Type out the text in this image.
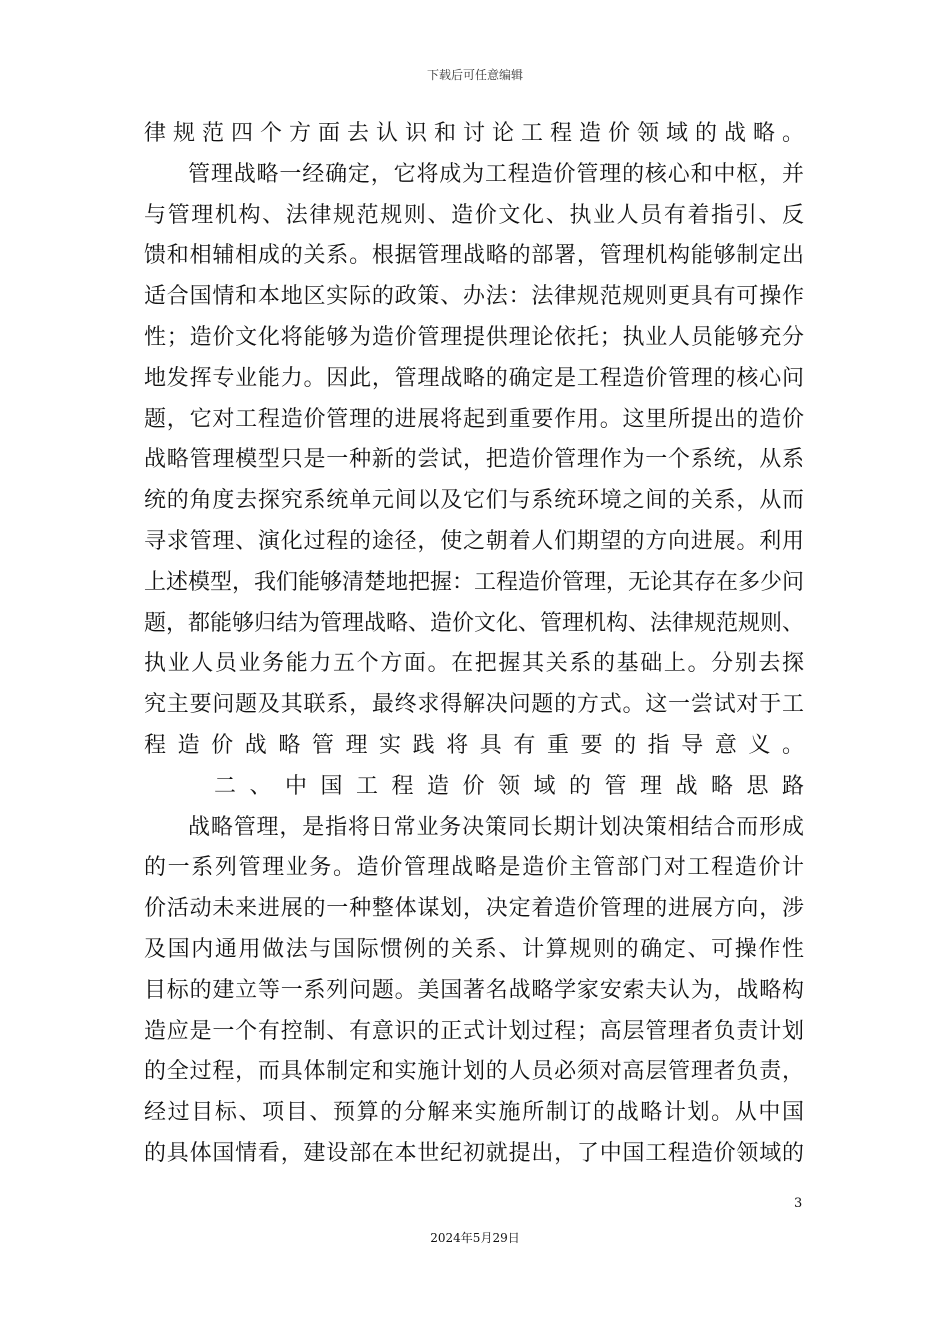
下载后可任意编辑
律规范四个方面去认识和讨论工程造价领域的战略。
管理战略一经确定，它将成为工程造价管理的核心和中枢，并
与管理机构、法律规范规则、造价文化、执业人员有着指引、反
馈和相辅相成的关系。根据管理战略的部署，管理机构能够制定出
适合国情和本地区实际的政策、办法：法律规范规则更具有可操作
性；造价文化将能够为造价管理提供理论依托；执业人员能够充分
地发挥专业能力。因此，管理战略的确定是工程造价管理的核心问
题，它对工程造价管理的进展将起到重要作用。这里所提出的造价
战略管理模型只是一种新的尝试，把造价管理作为一个系统，从系
统的角度去探究系统单元间以及它们与系统环境之间的关系，从而
寻求管理、演化过程的途径，使之朝着人们期望的方向进展。利用
上述模型，我们能够清楚地把握：工程造价管理，无论其存在多少问
题，都能够归结为管理战略、造价文化、管理机构、法律规范规则、
执业人员业务能力五个方面。在把握其关系的基础上。分别去探
究主要问题及其联系，最终求得解决问题的方式。这一尝试对于工
程造价战略管理实践将具有重要的指导意义。
二、中国工程造价领域的管理战略思路
战略管理，是指将日常业务决策同长期计划决策相结合而形成
的一系列管理业务。造价管理战略是造价主管部门对工程造价计
价活动未来进展的一种整体谋划，决定着造价管理的进展方向，涉
及国内通用做法与国际惯例的关系、计算规则的确定、可操作性
目标的建立等一系列问题。美国著名战略学家安索夫认为，战略构
造应是一个有控制、有意识的正式计划过程；高层管理者负责计划
的全过程，而具体制定和实施计划的人员必须对高层管理者负责，
经过目标、项目、预算的分解来实施所制订的战略计划。从中国
的具体国情看，建设部在本世纪初就提出，了中国工程造价领域的
3
2024年5月29日
